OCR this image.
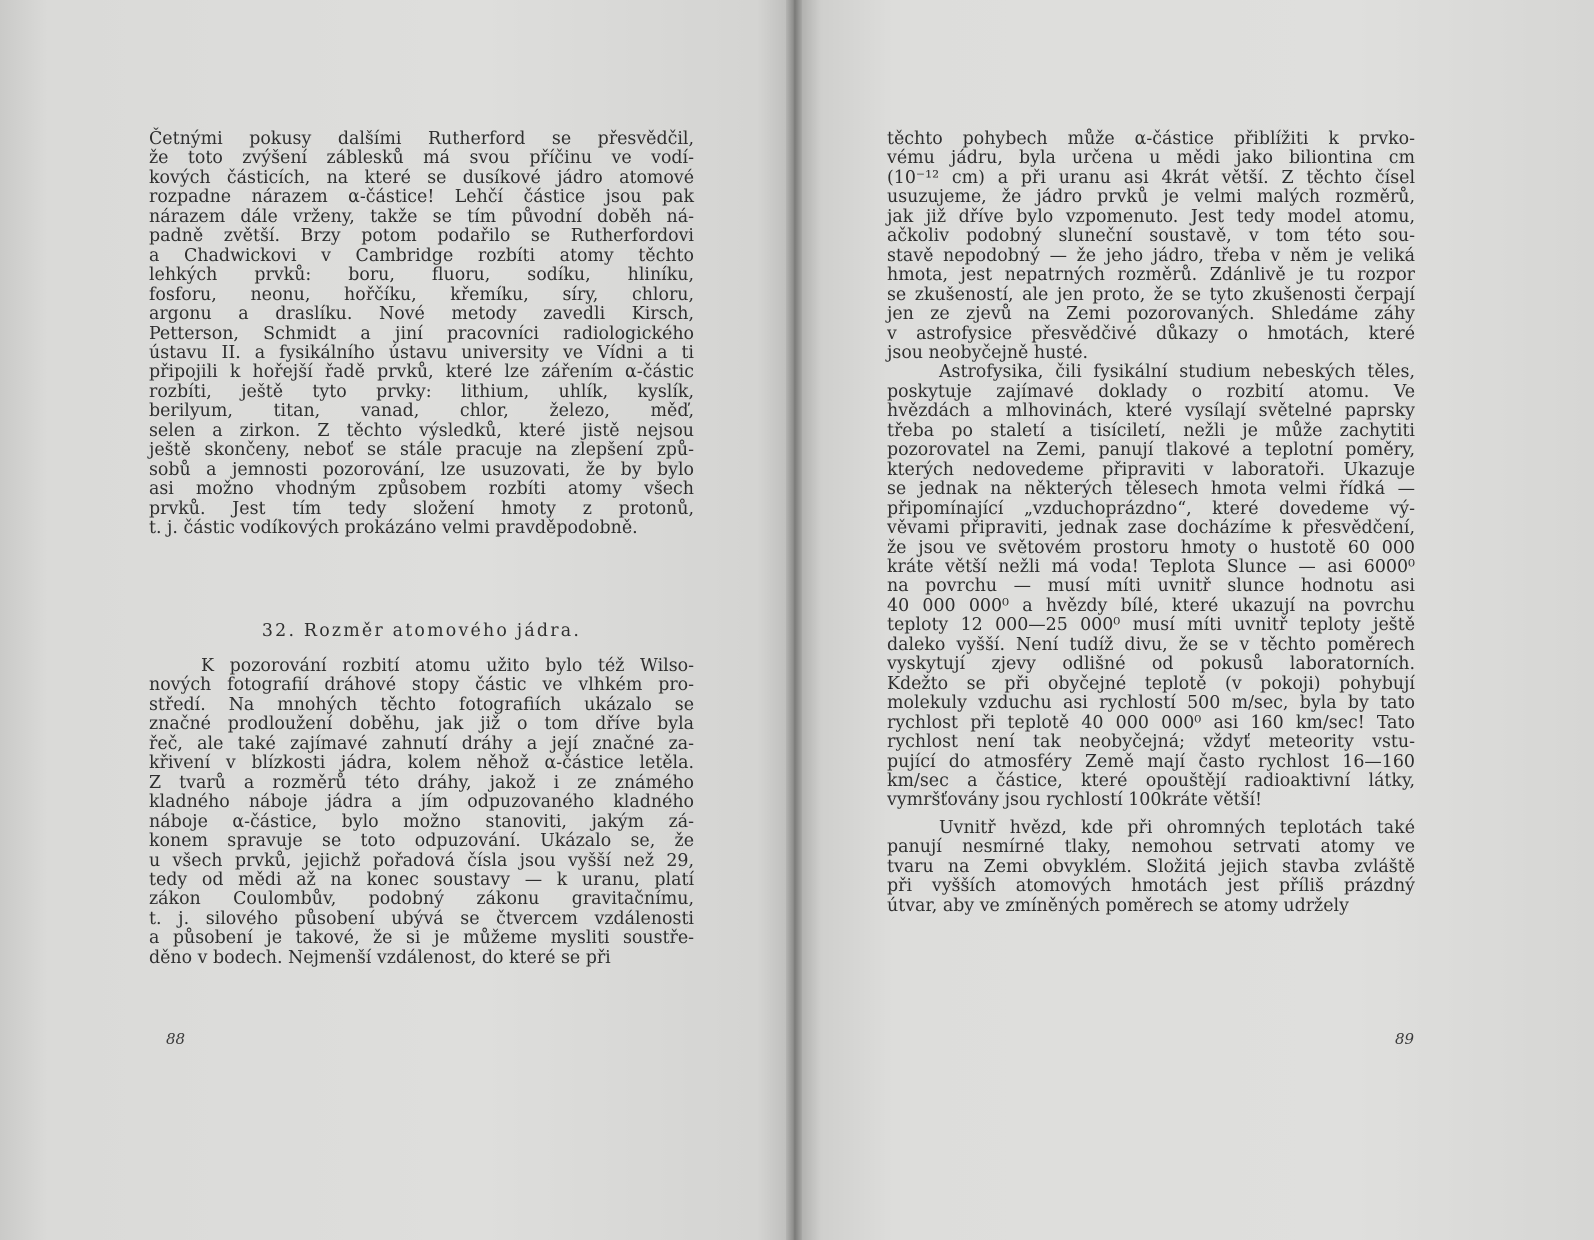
Četnými pokusy dalšími Rutherford se přesvědčil,
že toto zvýšení záblesků má svou příčinu ve vodí-
kových částicích, na které se dusíkové jádro atomové
rozpadne nárazem α-částice! Lehčí částice jsou pak
nárazem dále vrženy, takže se tím původní doběh ná-
padně zvětší. Brzy potom podařilo se Rutherfordovi
a Chadwickovi v Cambridge rozbíti atomy těchto
lehkých prvků: boru, fluoru, sodíku, hliníku,
fosforu, neonu, hořčíku, křemíku, síry, chloru,
argonu a draslíku. Nové metody zavedli Kirsch,
Petterson, Schmidt a jiní pracovníci radiologického
ústavu II. a fysikálního ústavu university ve Vídni a ti
připojili k hořejší řadě prvků, které lze zářením α-částic
rozbíti, ještě tyto prvky: lithium, uhlík, kyslík,
berilyum, titan, vanad, chlor, železo, měď,
selen a zirkon. Z těchto výsledků, které jistě nejsou
ještě skončeny, neboť se stále pracuje na zlepšení způ-
sobů a jemnosti pozorování, lze usuzovati, že by bylo
asi možno vhodným způsobem rozbíti atomy všech
prvků. Jest tím tedy složení hmoty z protonů,
t. j. částic vodíkových prokázáno velmi pravděpodobně.
32. Rozměr atomového jádra.
K pozorování rozbití atomu užito bylo též Wilso-
nových fotografií dráhové stopy částic ve vlhkém pro-
středí. Na mnohých těchto fotografiích ukázalo se
značné prodloužení doběhu, jak již o tom dříve byla
řeč, ale také zajímavé zahnutí dráhy a její značné za-
křivení v blízkosti jádra, kolem něhož α-částice letěla.
Z tvarů a rozměrů této dráhy, jakož i ze známého
kladného náboje jádra a jím odpuzovaného kladného
náboje α-částice, bylo možno stanoviti, jakým zá-
konem spravuje se toto odpuzování. Ukázalo se, že
u všech prvků, jejichž pořadová čísla jsou vyšší než 29,
tedy od mědi až na konec soustavy — k uranu, platí
zákon Coulombův, podobný zákonu gravitačnímu,
t. j. silového působení ubývá se čtvercem vzdálenosti
a působení je takové, že si je můžeme mysliti soustře-
děno v bodech. Nejmenší vzdálenost, do které se při
88
těchto pohybech může α-částice přiblížiti k prvko-
vému jádru, byla určena u mědi jako biliontina cm
(10⁻¹² cm) a při uranu asi 4krát větší. Z těchto čísel
usuzujeme, že jádro prvků je velmi malých rozměrů,
jak již dříve bylo vzpomenuto. Jest tedy model atomu,
ačkoliv podobný sluneční soustavě, v tom této sou-
stavě nepodobný — že jeho jádro, třeba v něm je veliká
hmota, jest nepatrných rozměrů. Zdánlivě je tu rozpor
se zkušeností, ale jen proto, že se tyto zkušenosti čerpají
jen ze zjevů na Zemi pozorovaných. Shledáme záhy
v astrofysice přesvědčivé důkazy o hmotách, které
jsou neobyčejně husté.
Astrofysika, čili fysikální studium nebeských těles,
poskytuje zajímavé doklady o rozbití atomu. Ve
hvězdách a mlhovinách, které vysílají světelné paprsky
třeba po staletí a tisíciletí, nežli je může zachytiti
pozorovatel na Zemi, panují tlakové a teplotní poměry,
kterých nedovedeme připraviti v laboratoři. Ukazuje
se jednak na některých tělesech hmota velmi řídká —
připomínající „vzduchoprázdno“, které dovedeme vý-
věvami připraviti, jednak zase docházíme k přesvědčení,
že jsou ve světovém prostoru hmoty o hustotě 60 000
kráte větší nežli má voda! Teplota Slunce — asi 6000⁰
na povrchu — musí míti uvnitř slunce hodnotu asi
40 000 000⁰ a hvězdy bílé, které ukazují na povrchu
teploty 12 000—25 000⁰ musí míti uvnitř teploty ještě
daleko vyšší. Není tudíž divu, že se v těchto poměrech
vyskytují zjevy odlišné od pokusů laboratorních.
Kdežto se při obyčejné teplotě (v pokoji) pohybují
molekuly vzduchu asi rychlostí 500 m/sec, byla by tato
rychlost při teplotě 40 000 000⁰ asi 160 km/sec! Tato
rychlost není tak neobyčejná; vždyť meteority vstu-
pující do atmosféry Země mají často rychlost 16—160
km/sec a částice, které opouštějí radioaktivní látky,
vymršťovány jsou rychlostí 100kráte větší!
Uvnitř hvězd, kde při ohromných teplotách také
panují nesmírné tlaky, nemohou setrvati atomy ve
tvaru na Zemi obvyklém. Složitá jejich stavba zvláště
při vyšších atomových hmotách jest příliš prázdný
útvar, aby ve zmíněných poměrech se atomy udržely
89
